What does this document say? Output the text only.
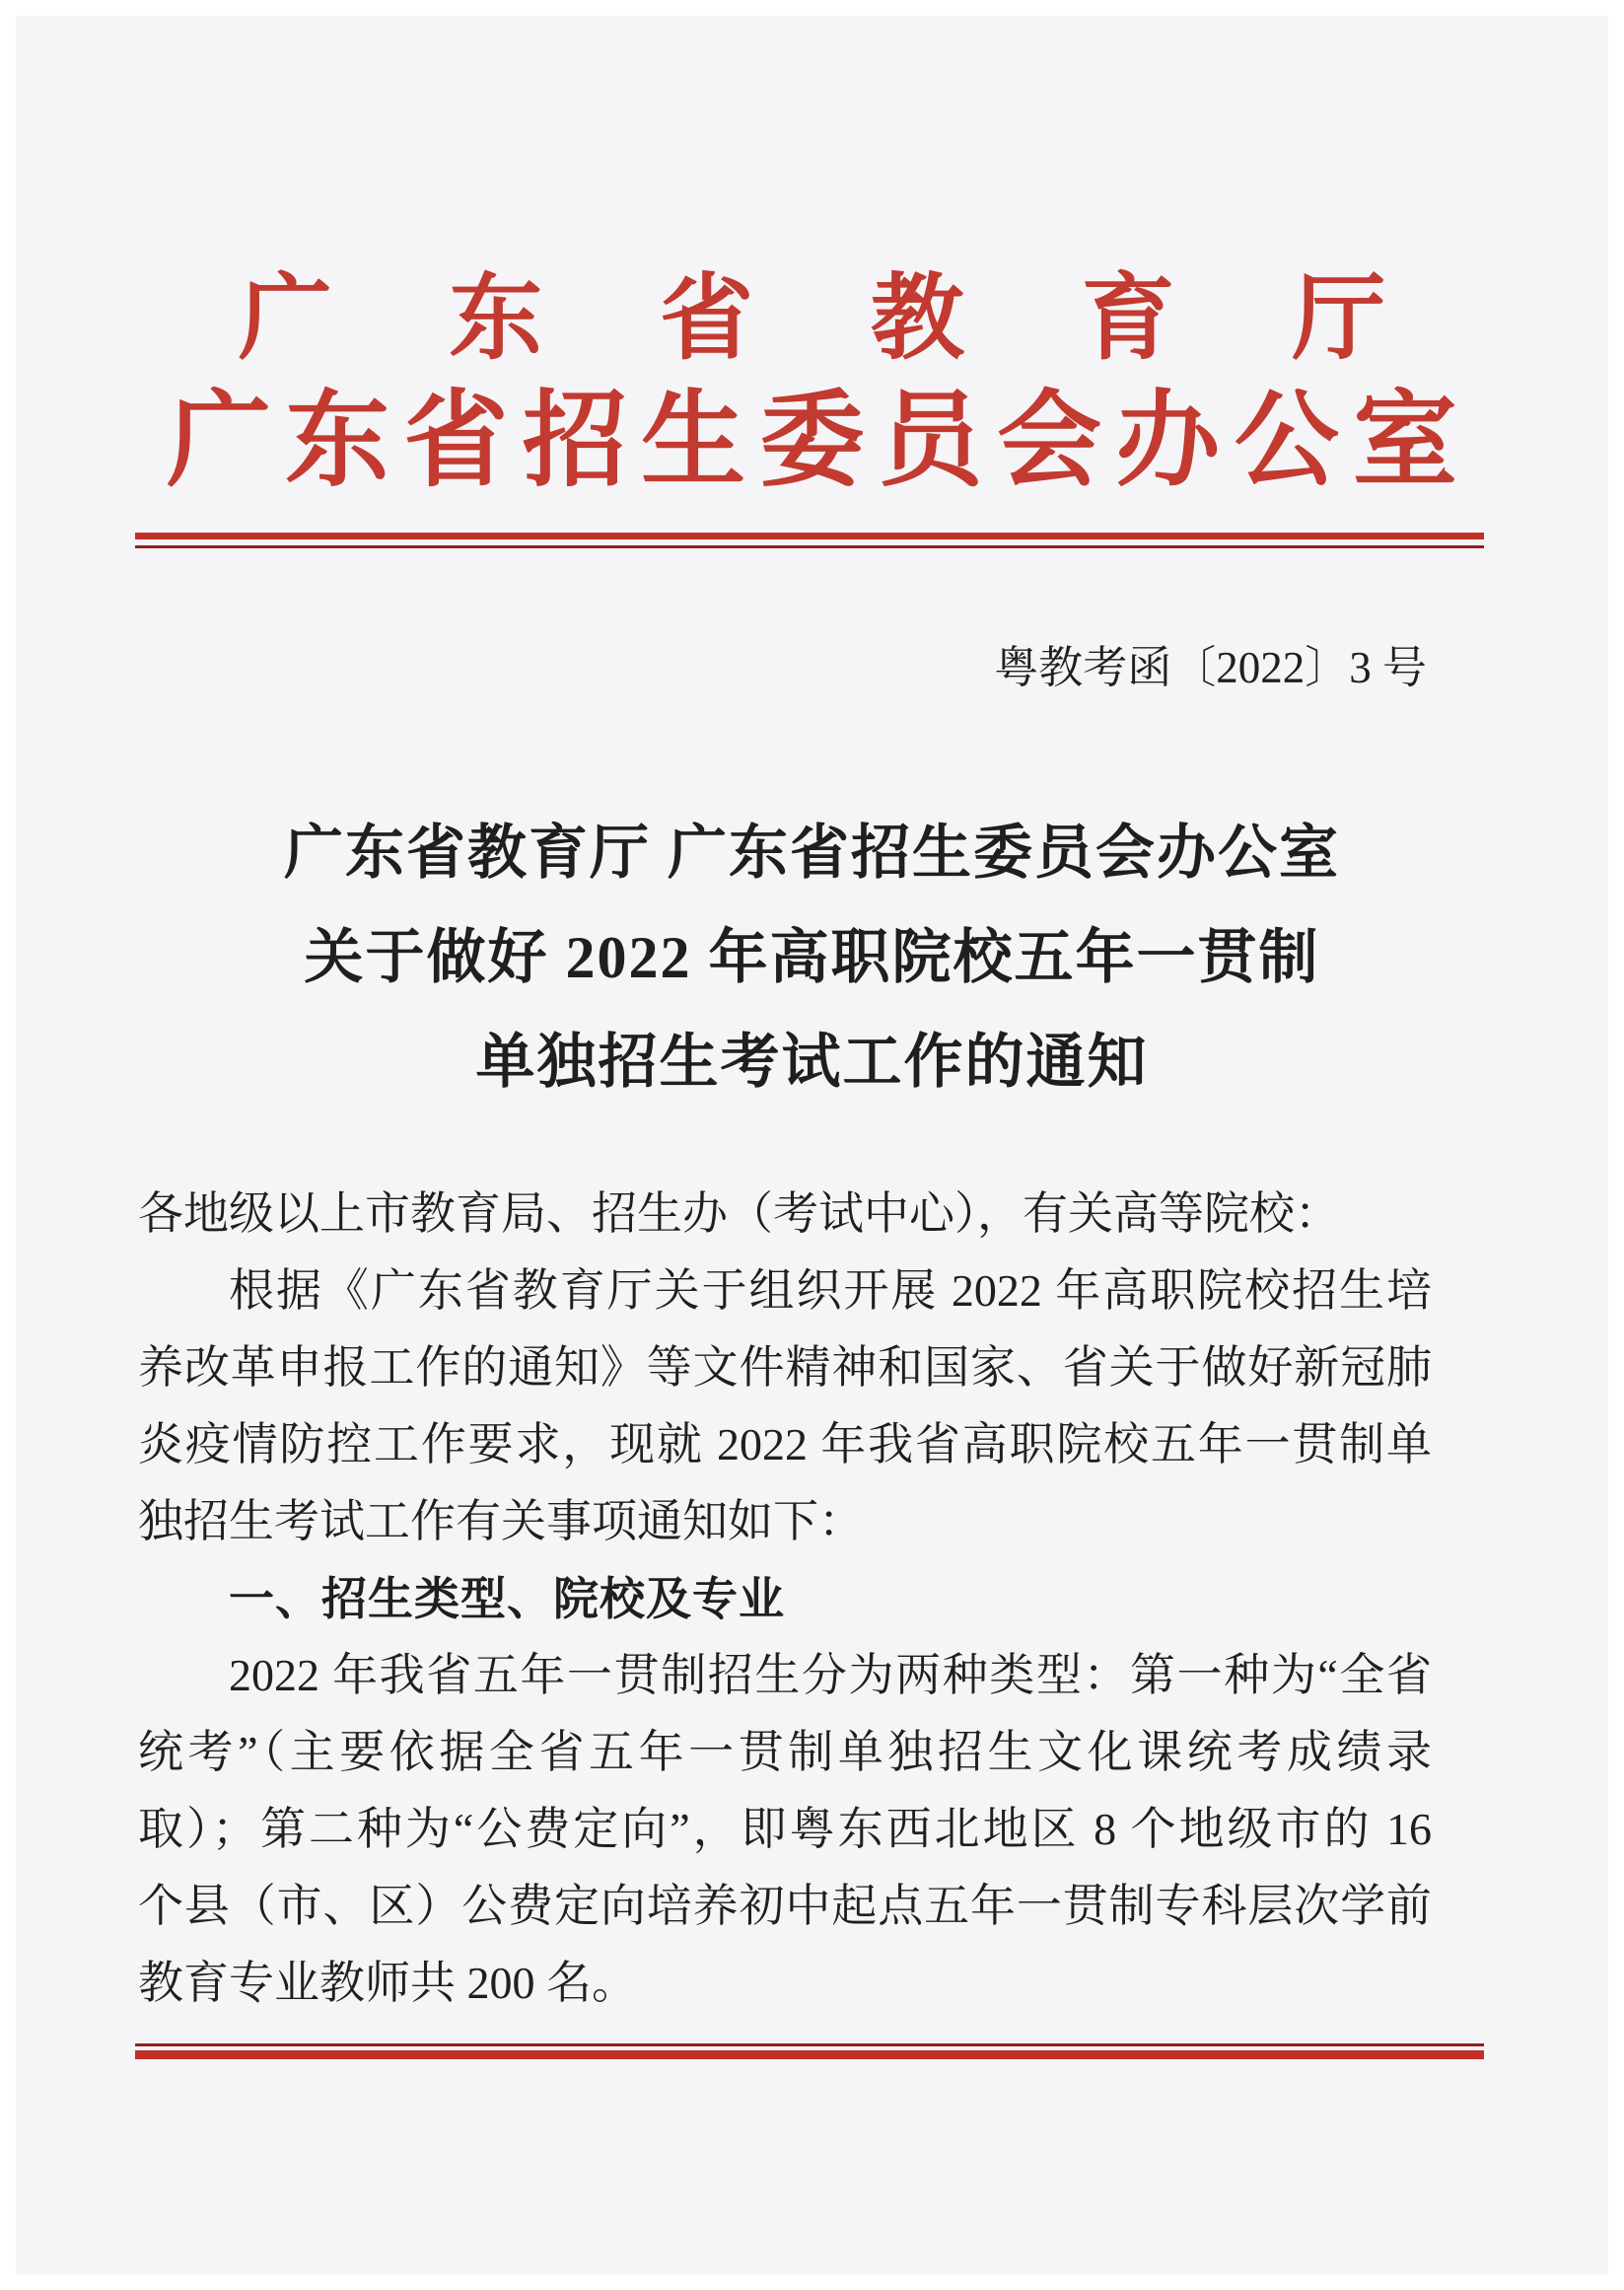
广东省教育厅
广东省招生委员会办公室
粤教考函〔2022〕3 号
广东省教育厅 广东省招生委员会办公室
关于做好 2022 年高职院校五年一贯制
单独招生考试工作的通知
各地级以上市教育局、招生办（考试中心），有关高等院校：
根据《广东省教育厅关于组织开展 2022 年高职院校招生培
养改革申报工作的通知》等文件精神和国家、省关于做好新冠肺
炎疫情防控工作要求，现就 2022 年我省高职院校五年一贯制单
独招生考试工作有关事项通知如下：
一、招生类型、院校及专业
2022 年我省五年一贯制招生分为两种类型：第一种为“全省
统考”（主要依据全省五年一贯制单独招生文化课统考成绩录
取）；第二种为“公费定向”，即粤东西北地区 8 个地级市的 16
个县（市、区）公费定向培养初中起点五年一贯制专科层次学前
教育专业教师共 200 名。
